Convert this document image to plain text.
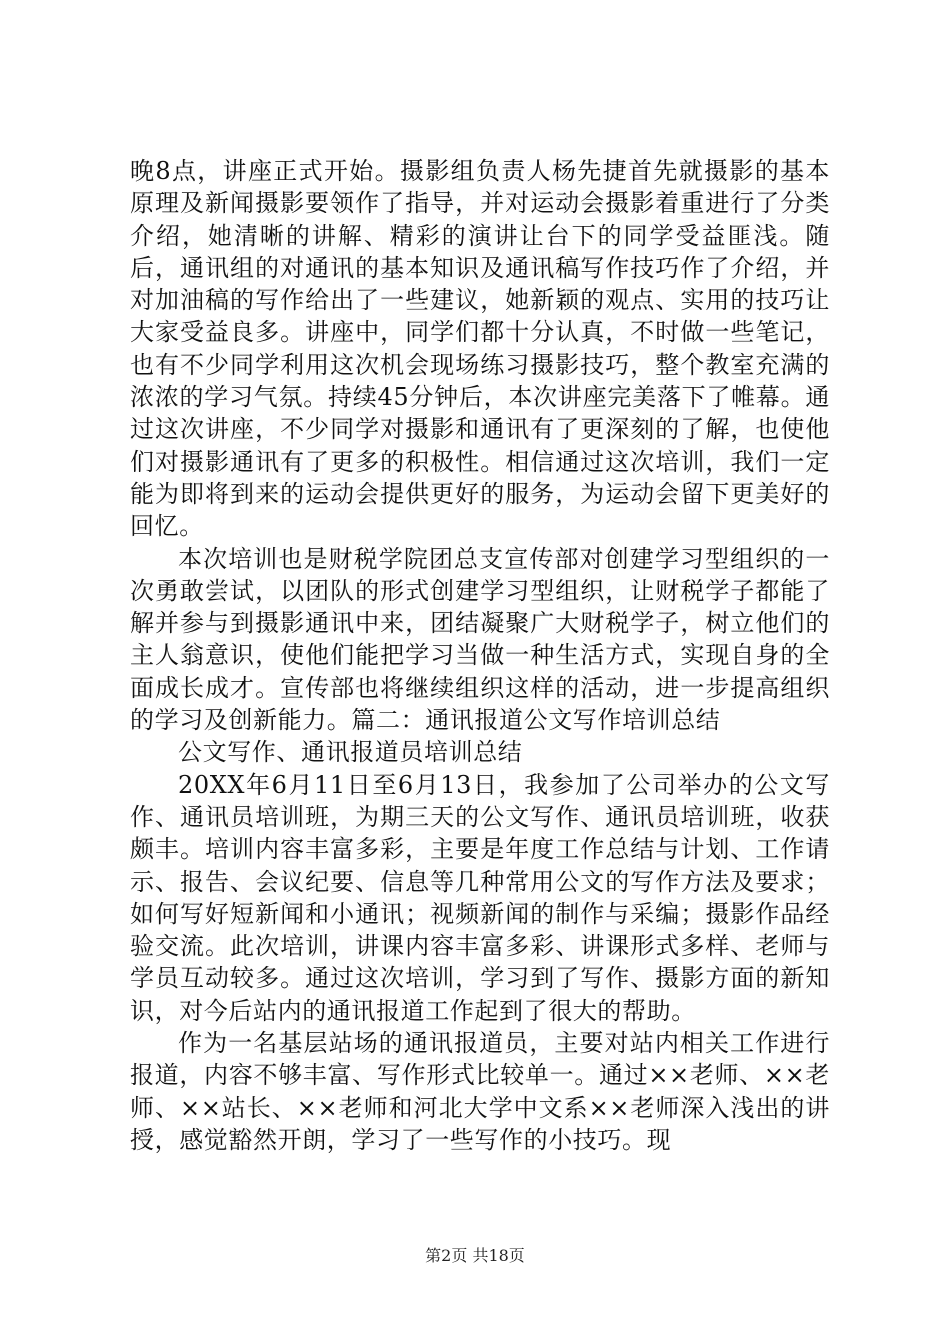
晚8点，讲座正式开始。摄影组负责人杨先捷首先就摄影的基本原理及新闻摄影要领作了指导，并对运动会摄影着重进行了分类介绍，她清晰的讲解、精彩的演讲让台下的同学受益匪浅。随后，通讯组的对通讯的基本知识及通讯稿写作技巧作了介绍，并对加油稿的写作给出了一些建议，她新颖的观点、实用的技巧让大家受益良多。讲座中，同学们都十分认真，不时做一些笔记，也有不少同学利用这次机会现场练习摄影技巧，整个教室充满的浓浓的学习气氛。持续45分钟后，本次讲座完美落下了帷幕。通过这次讲座，不少同学对摄影和通讯有了更深刻的了解，也使他们对摄影通讯有了更多的积极性。相信通过这次培训，我们一定能为即将到来的运动会提供更好的服务，为运动会留下更美好的回忆。

本次培训也是财税学院团总支宣传部对创建学习型组织的一次勇敢尝试，以团队的形式创建学习型组织，让财税学子都能了解并参与到摄影通讯中来，团结凝聚广大财税学子，树立他们的主人翁意识，使他们能把学习当做一种生活方式，实现自身的全面成长成才。宣传部也将继续组织这样的活动，进一步提高组织的学习及创新能力。篇二：通讯报道公文写作培训总结

公文写作、通讯报道员培训总结

20XX年6月11日至6月13日，我参加了公司举办的公文写作、通讯员培训班，为期三天的公文写作、通讯员培训班，收获颇丰。培训内容丰富多彩，主要是年度工作总结与计划、工作请示、报告、会议纪要、信息等几种常用公文的写作方法及要求；如何写好短新闻和小通讯；视频新闻的制作与采编；摄影作品经验交流。此次培训，讲课内容丰富多彩、讲课形式多样、老师与学员互动较多。通过这次培训，学习到了写作、摄影方面的新知识，对今后站内的通讯报道工作起到了很大的帮助。

作为一名基层站场的通讯报道员，主要对站内相关工作进行报道，内容不够丰富、写作形式比较单一。通过××老师、××老师、××站长、××老师和河北大学中文系××老师深入浅出的讲授，感觉豁然开朗，学习了一些写作的小技巧。现

第2页 共18页
